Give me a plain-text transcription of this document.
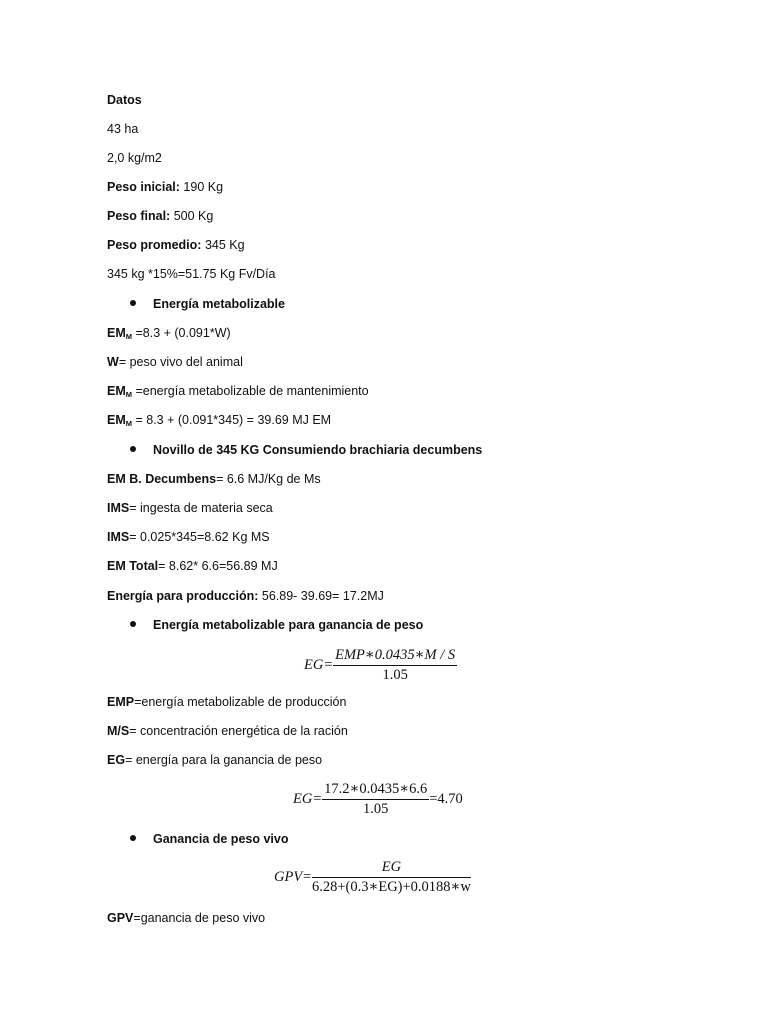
Datos
43 ha
2,0 kg/m2
Peso inicial: 190 Kg
Peso final: 500 Kg
Peso promedio: 345 Kg
345 kg *15%=51.75 Kg Fv/Día
Energía metabolizable
$EM_M =8.3 + (0.091*W)$
W= peso vivo del animal
$EM_M$ =energía metabolizable de mantenimiento
$EM_M = 8.3 + (0.091*345) = 39.69$ MJ EM
Novillo de 345 KG Consumiendo brachiaria decumbens
EM B. Decumbens= 6.6 MJ/Kg de Ms
IMS= ingesta de materia seca
IMS= 0.025*345=8.62 Kg MS
EM Total= 8.62* 6.6=56.89 MJ
Energía para producción: 56.89- 39.69= 17.2MJ
Energía metabolizable para ganancia de peso
$EG= \frac{\text{EMP∗0.0435∗M / S}}{1.05}$
EMP=energía metabolizable de producción
M/S= concentración energética de la ración
EG= energía para la ganancia de peso
$EG= \frac{17.2∗0.0435∗6.6}{1.05} =4.70$
Ganancia de peso vivo
$GPV= \frac{EG}{6.28+(0.3∗EG)+0.0188∗w}$
GPV=ganancia de peso vivo
